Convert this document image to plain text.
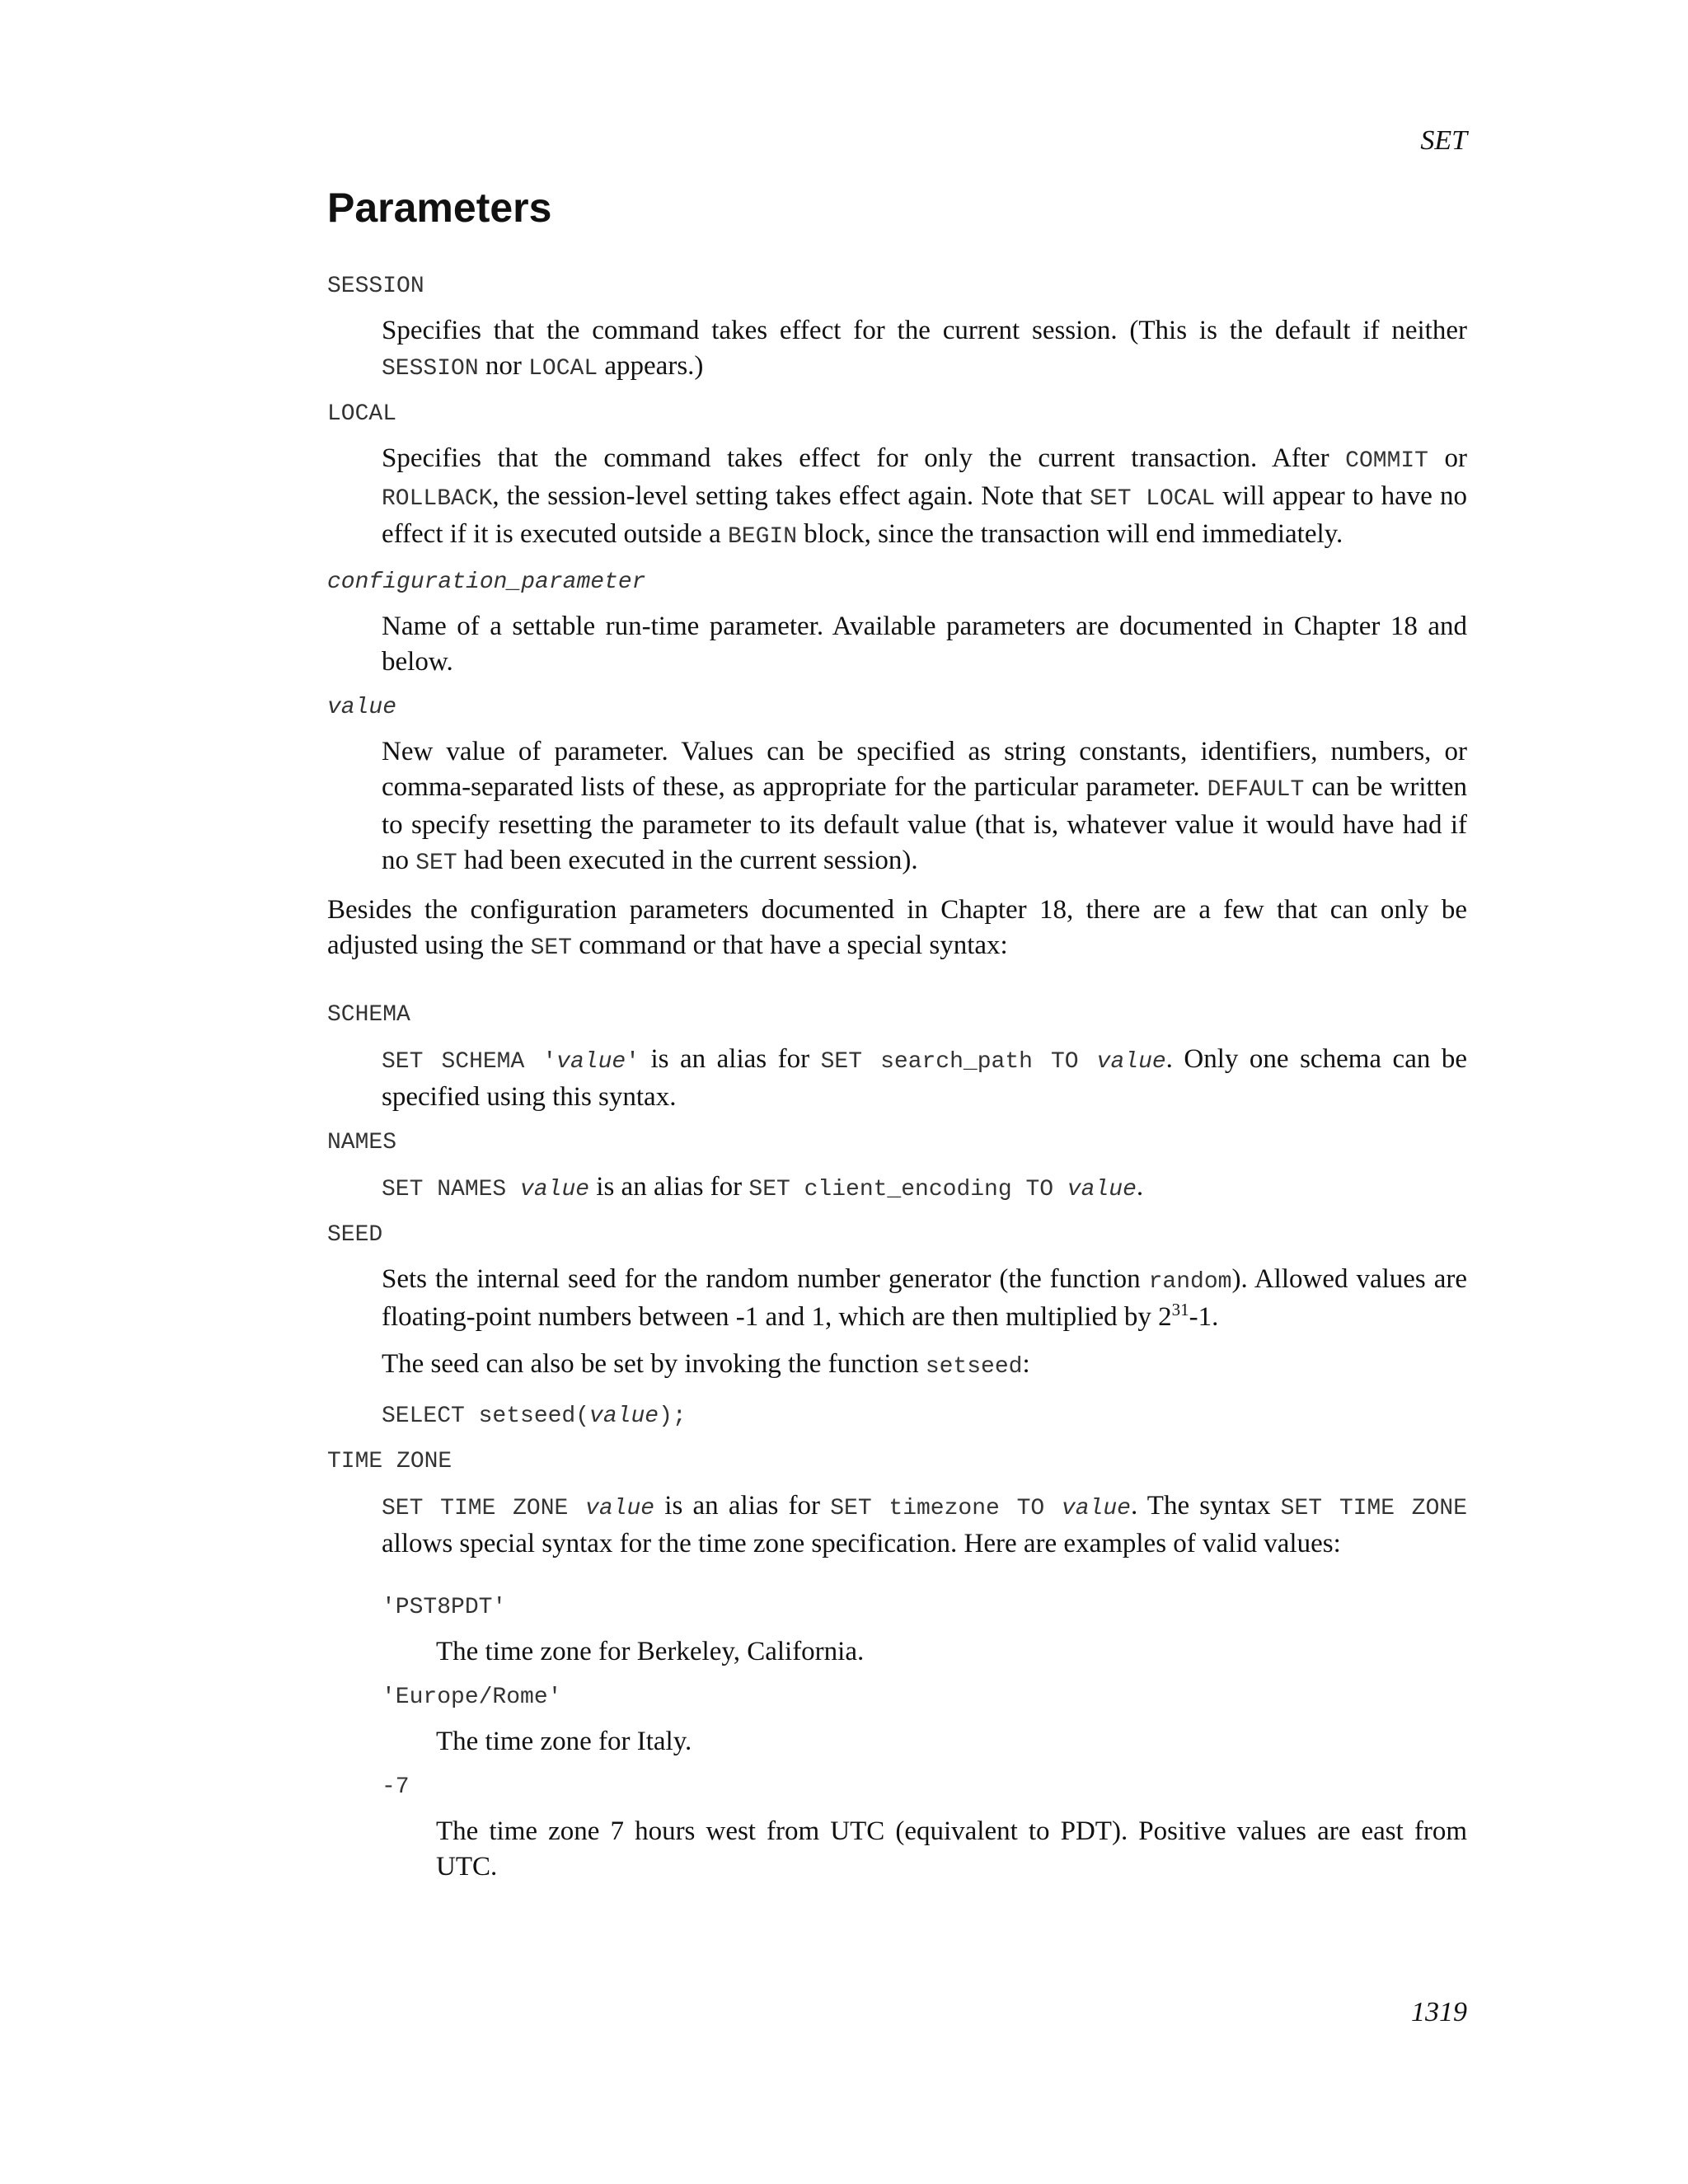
SET
Parameters
SESSION
Specifies that the command takes effect for the current session. (This is the default if neither SESSION nor LOCAL appears.)
LOCAL
Specifies that the command takes effect for only the current transaction. After COMMIT or ROLLBACK, the session-level setting takes effect again. Note that SET LOCAL will appear to have no effect if it is executed outside a BEGIN block, since the transaction will end immediately.
configuration_parameter
Name of a settable run-time parameter. Available parameters are documented in Chapter 18 and below.
value
New value of parameter. Values can be specified as string constants, identifiers, numbers, or comma-separated lists of these, as appropriate for the particular parameter. DEFAULT can be written to specify resetting the parameter to its default value (that is, whatever value it would have had if no SET had been executed in the current session).
Besides the configuration parameters documented in Chapter 18, there are a few that can only be adjusted using the SET command or that have a special syntax:
SCHEMA
SET SCHEMA 'value' is an alias for SET search_path TO value. Only one schema can be specified using this syntax.
NAMES
SET NAMES value is an alias for SET client_encoding TO value.
SEED
Sets the internal seed for the random number generator (the function random). Allowed values are floating-point numbers between -1 and 1, which are then multiplied by $2^{31}-1$.
The seed can also be set by invoking the function setseed:
SELECT setseed(value);
TIME ZONE
SET TIME ZONE value is an alias for SET timezone TO value. The syntax SET TIME ZONE allows special syntax for the time zone specification. Here are examples of valid values:
'PST8PDT'
The time zone for Berkeley, California.
'Europe/Rome'
The time zone for Italy.
-7
The time zone 7 hours west from UTC (equivalent to PDT). Positive values are east from UTC.
1319
